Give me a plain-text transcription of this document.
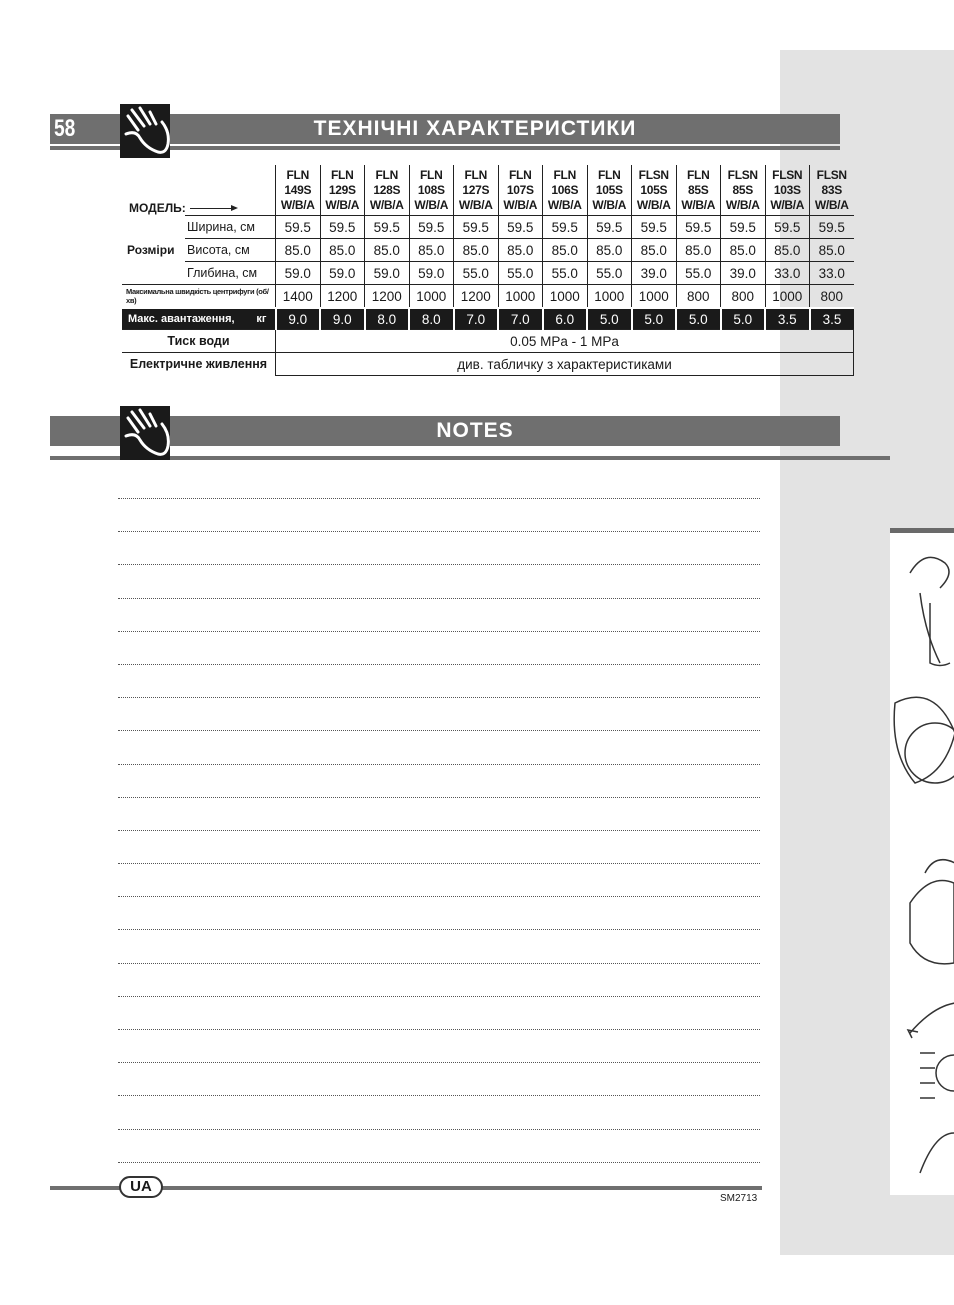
58	ТЕХНІЧНІ ХАРАКТЕРИСТИКИ
МОДЕЛЬ:		FLN
149S
W/B/A	FLN
129S
W/B/A	FLN
128S
W/B/A	FLN
108S
W/B/A	FLN
127S
W/B/A	FLN
107S
W/B/A	FLN
106S
W/B/A	FLN
105S
W/B/A	FLSN
105S
W/B/A	FLN
85S
W/B/A	FLSN
85S
W/B/A	FLSN
103S
W/B/A	FLSN
83S
W/B/A

Розміри	Ширина, см	59.5	59.5	59.5	59.5	59.5	59.5	59.5	59.5	59.5	59.5	59.5	59.5	59.5
	Висота, см	85.0	85.0	85.0	85.0	85.0	85.0	85.0	85.0	85.0	85.0	85.0	85.0	85.0
	Глибина, см	59.0	59.0	59.0	59.0	55.0	55.0	55.0	55.0	39.0	55.0	39.0	33.0	33.0
Максимальна швидкість центрифуги (об/хв)		1400	1200	1200	1000	1200	1000	1000	1000	1000	800	800	1000	800
Макс. авантаження, кг		9.0	9.0	8.0	8.0	7.0	7.0	6.0	5.0	5.0	5.0	5.0	3.5	3.5
Тиск води		0.05 MPa - 1 MPa												
Електричне живлення		див. табличку з характеристиками												
NOTES
UA
SM2713
